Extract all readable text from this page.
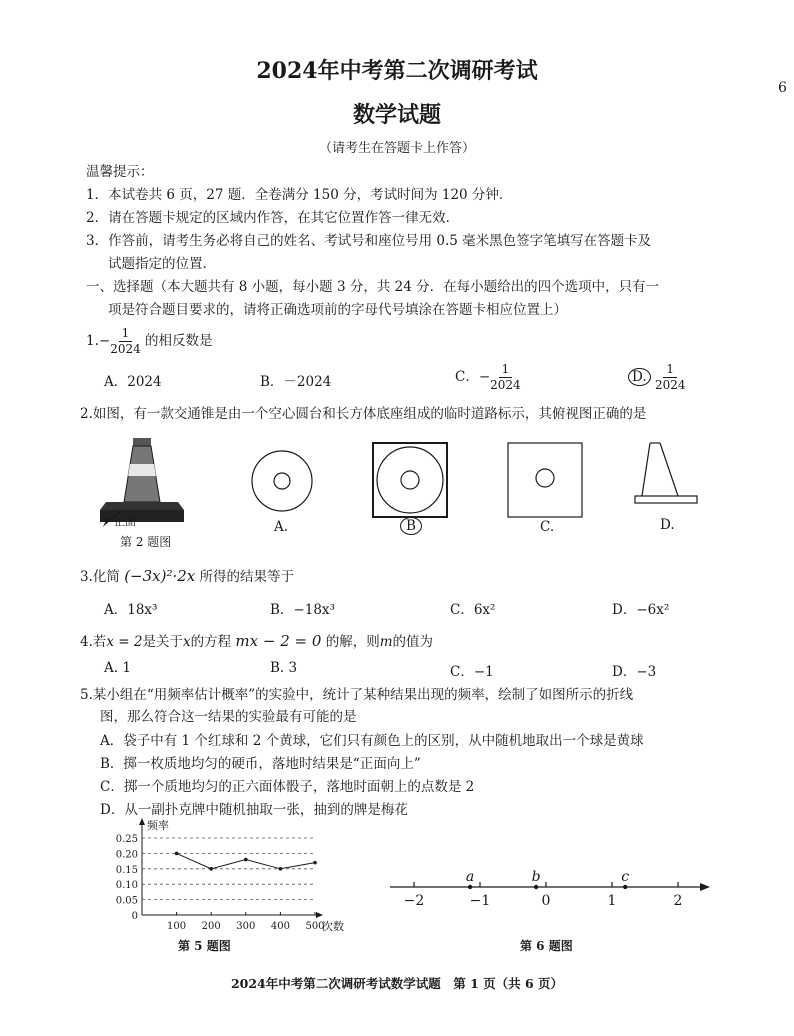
2024年中考第二次调研考试
数学试题
（请考生在答题卡上作答）
6
温馨提示：
1．本试卷共 6 页，27 题．全卷满分 150 分，考试时间为 120 分钟．
2．请在答题卡规定的区域内作答，在其它位置作答一律无效．
3．作答前，请考生务必将自己的姓名、考试号和座位号用 0.5 毫米黑色签字笔填写在答题卡及
试题指定的位置．
一、选择题（本大题共有 8 小题，每小题 3 分，共 24 分．在每小题给出的四个选项中，只有一
项是符合题目要求的，请将正确选项前的字母代号填涂在答题卡相应位置上）
$1.- \frac{1}{2024}$ 的相反数是
A．2024	B．－2024	C．− $\frac{1}{2024}$	D. $\frac{1}{2024}$
2.如图，有一款交通锥是由一个空心圆台和长方体底座组成的临时道路标示，其俯视图正确的是
正面
第 2 题图
A.	B	C.	D.
3.化简 (−3x)²·2x 所得的结果等于
A．18x³	B．−18x³	C．6x²	D．−6x²
4.若x = 2是关于x的方程 mx − 2 = 0 的解，则m的值为
A. 1	B. 3	C．−1	D．−3
5.某小组在“用频率估计概率”的实验中，统计了某种结果出现的频率，绘制了如图所示的折线
图，那么符合这一结果的实验最有可能的是
A．袋子中有 1 个红球和 2 个黄球，它们只有颜色上的区别，从中随机地取出一个球是黄球
B．掷一枚质地均匀的硬币，落地时结果是“正面向上”
C．掷一个质地均匀的正六面体骰子，落地时面朝上的点数是 2
D．从一副扑克牌中随机抽取一张，抽到的牌是梅花
频率
次数
0.25
0.20
0.15
0.10
0.05
0
100 200 300 400 500
第 5 题图
−2	−1	0	1	2
a	b	c
第 6 题图
2024年中考第二次调研考试数学试题　第 1 页（共 6 页）
